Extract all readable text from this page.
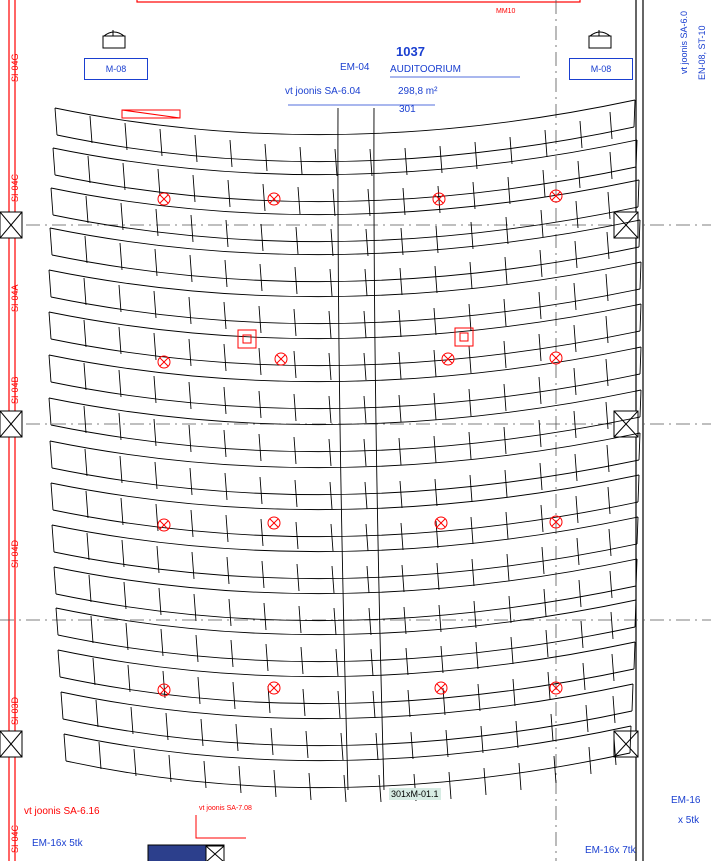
1037
AUDITOORIUM
298,8 m²
301
vt joonis SA-6.04
EM-04
M-08	M-08
MM10
301xM-01.1
EM-16x 5tk
EM-16x 7tk
EM-16
x 5tk
vt joonis SA-6.16	vt joonis SA-7.08
vt joonis SA-6.0 EN-08, ST-10
SI-04G
SI-04C
SI-04A
SI-04B
SI-04D
SI-03D
SI-04C
